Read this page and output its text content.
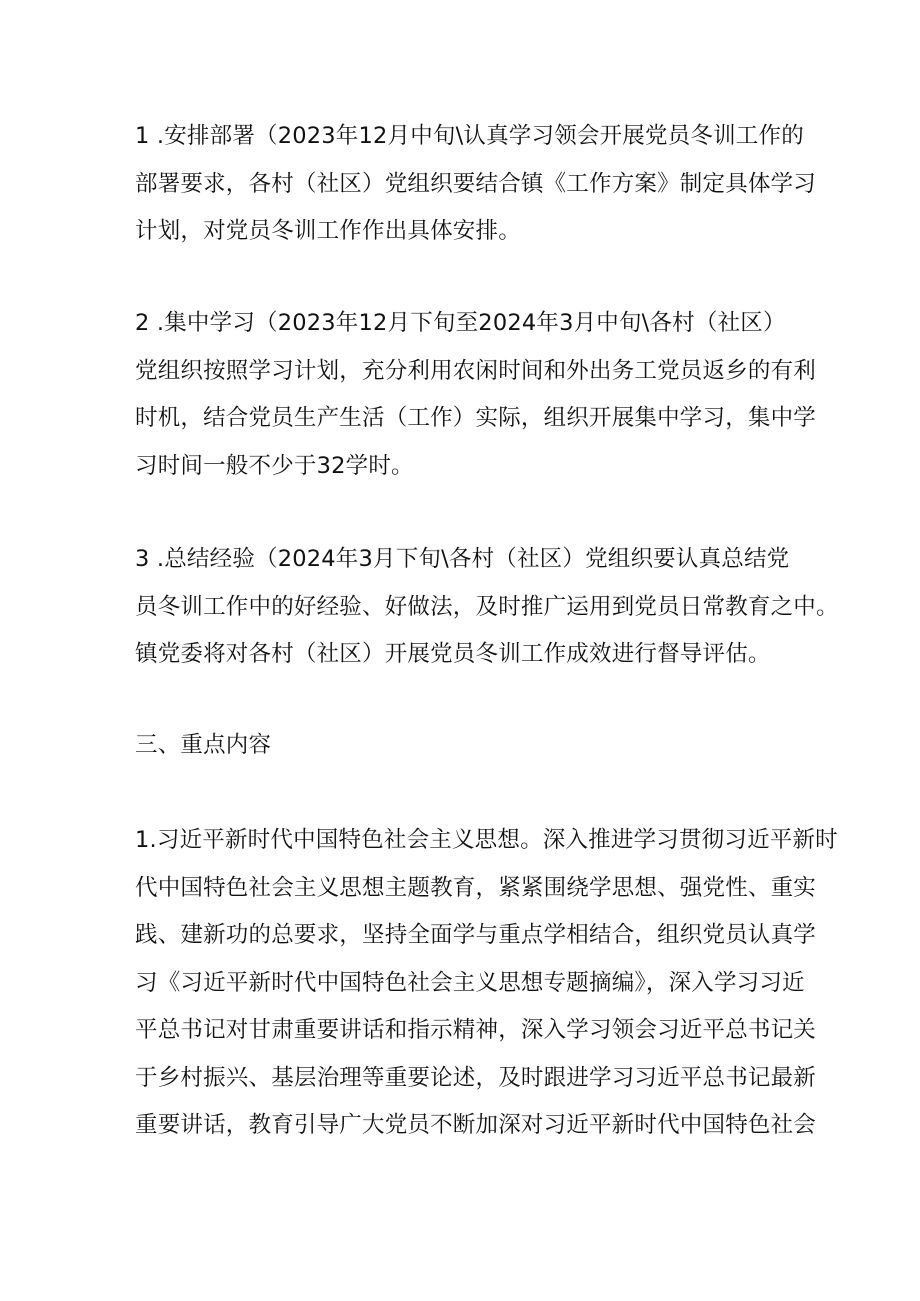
1 .安排部署（2023年12月中旬\认真学习领会开展党员冬训工作的
部署要求，各村（社区）党组织要结合镇《工作方案》制定具体学习
计划，对党员冬训工作作出具体安排。
2 .集中学习（2023年12月下旬至2024年3月中旬\各村（社区）
党组织按照学习计划，充分利用农闲时间和外出务工党员返乡的有利
时机，结合党员生产生活（工作）实际，组织开展集中学习，集中学
习时间一般不少于32学时。
3 .总结经验（2024年3月下旬\各村（社区）党组织要认真总结党
员冬训工作中的好经验、好做法，及时推广运用到党员日常教育之中。
镇党委将对各村（社区）开展党员冬训工作成效进行督导评估。
三、重点内容
1.习近平新时代中国特色社会主义思想。深入推进学习贯彻习近平新时
代中国特色社会主义思想主题教育，紧紧围绕学思想、强党性、重实
践、建新功的总要求，坚持全面学与重点学相结合，组织党员认真学
习《习近平新时代中国特色社会主义思想专题摘编》，深入学习习近
平总书记对甘肃重要讲话和指示精神，深入学习领会习近平总书记关
于乡村振兴、基层治理等重要论述，及时跟进学习习近平总书记最新
重要讲话，教育引导广大党员不断加深对习近平新时代中国特色社会
